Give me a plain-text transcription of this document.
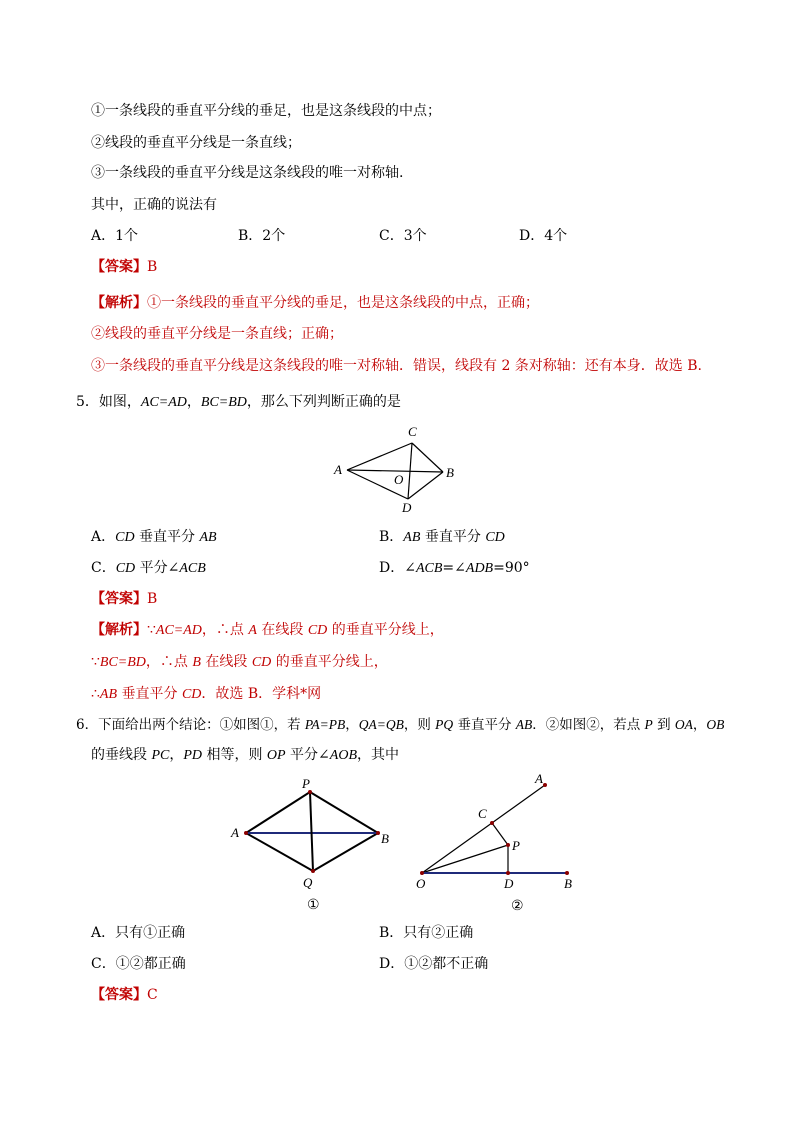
①一条线段的垂直平分线的垂足，也是这条线段的中点；
②线段的垂直平分线是一条直线；
③一条线段的垂直平分线是这条线段的唯一对称轴.
其中，正确的说法有
A．1个	B．2个	C．3个	D．4个
【答案】B
【解析】①一条线段的垂直平分线的垂足，也是这条线段的中点，正确；
②线段的垂直平分线是一条直线；正确；
③一条线段的垂直平分线是这条线段的唯一对称轴．错误，线段有 2 条对称轴：还有本身．故选 B.
5．如图，AC=AD，BC=BD，那么下列判断正确的是
A
C
B
O
D
A．CD 垂直平分 AB	B．AB 垂直平分 CD
C．CD 平分∠ACB	D．∠ACB=∠ADB=90°
【答案】B
【解析】∵AC=AD，∴点 A 在线段 CD 的垂直平分线上，
∵BC=BD，∴点 B 在线段 CD 的垂直平分线上，
∴AB 垂直平分 CD．故选 B．学科*网
6．下面给出两个结论：①如图①，若 PA=PB，QA=QB，则 PQ 垂直平分 AB．②如图②，若点 P 到 OA，OB
的垂线段 PC，PD 相等，则 OP 平分∠AOB，其中
P
A	B
Q
①
A
C
P
O	D	B
②
A．只有①正确	B．只有②正确
C．①②都正确	D．①②都不正确
【答案】C
